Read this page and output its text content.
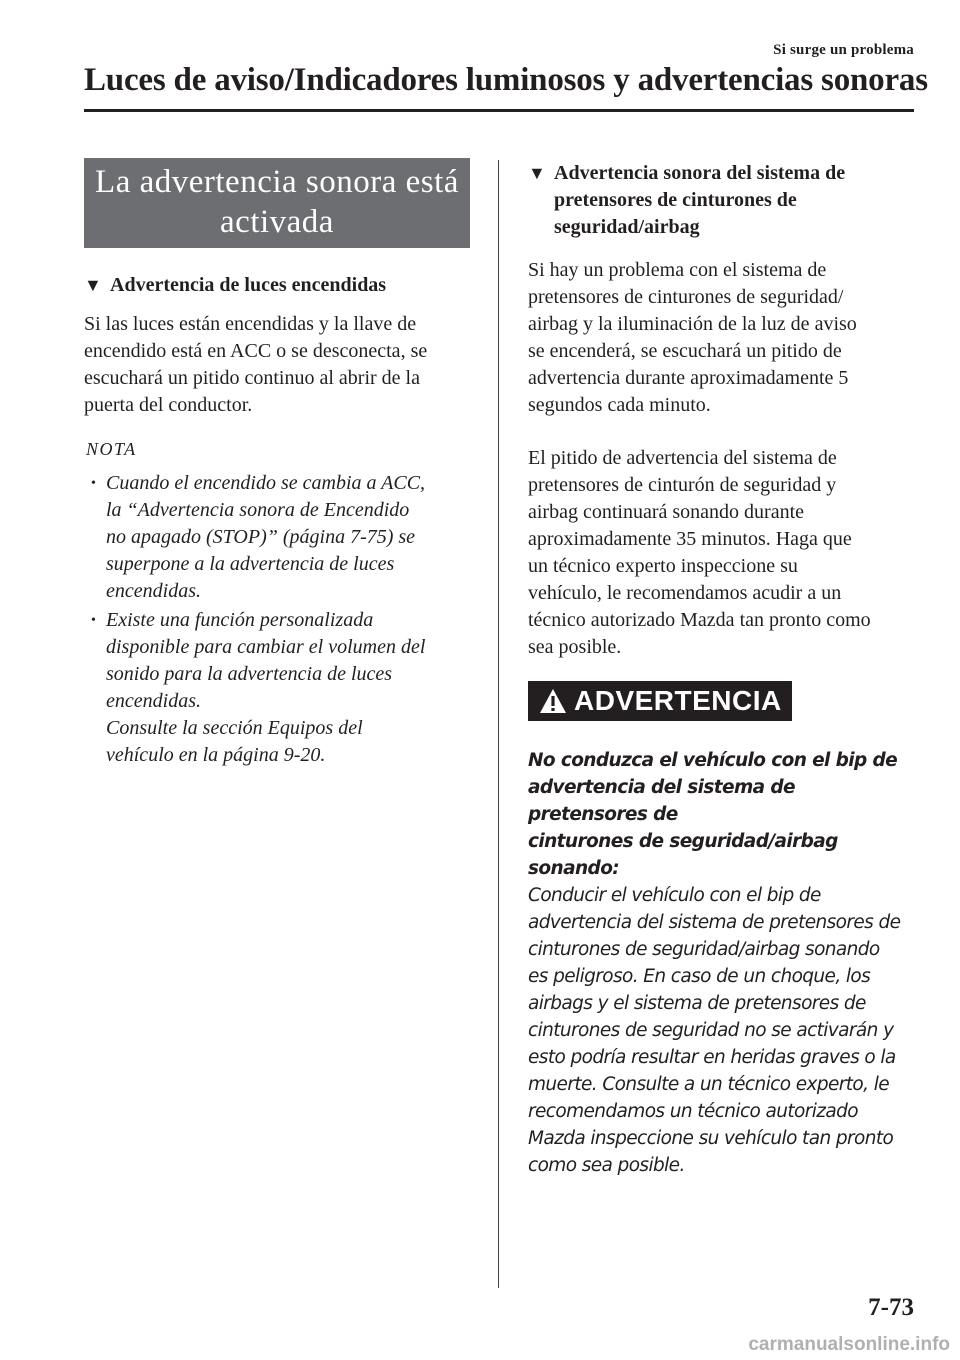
Si surge un problema
Luces de aviso/Indicadores luminosos y advertencias sonoras
La advertencia sonora está
activada
▼ Advertencia de luces encendidas

Si las luces están encendidas y la llave de

encendido está en ACC o se desconecta, se

escuchará un pitido continuo al abrir de la

puerta del conductor.

NOTA

• Cuando el encendido se cambia a ACC,
la “Advertencia sonora de Encendido
no apagado (STOP)” (página 7-75) se
superpone a la advertencia de luces
encendidas.
• Existe una función personalizada
disponible para cambiar el volumen del
sonido para la advertencia de luces
encendidas.
Consulte la sección Equipos del
vehículo en la página 9-20.
▼ Advertencia sonora del sistema de
pretensores de cinturones de
seguridad/airbag

Si hay un problema con el sistema de

pretensores de cinturones de seguridad/

airbag y la iluminación de la luz de aviso

se encenderá, se escuchará un pitido de

advertencia durante aproximadamente 5

segundos cada minuto.

El pitido de advertencia del sistema de

pretensores de cinturón de seguridad y

airbag continuará sonando durante

aproximadamente 35 minutos. Haga que

un técnico experto inspeccione su

vehículo, le recomendamos acudir a un

técnico autorizado Mazda tan pronto como

sea posible.

ADVERTENCIA

No conduzca el vehículo con el bip de

advertencia del sistema de pretensores de

cinturones de seguridad/airbag sonando:

Conducir el vehículo con el bip de

advertencia del sistema de pretensores de

cinturones de seguridad/airbag sonando

es peligroso. En caso de un choque, los

airbags y el sistema de pretensores de

cinturones de seguridad no se activarán y

esto podría resultar en heridas graves o la

muerte. Consulte a un técnico experto, le

recomendamos un técnico autorizado

Mazda inspeccione su vehículo tan pronto

como sea posible.

7-73
carmanualsonline.info
